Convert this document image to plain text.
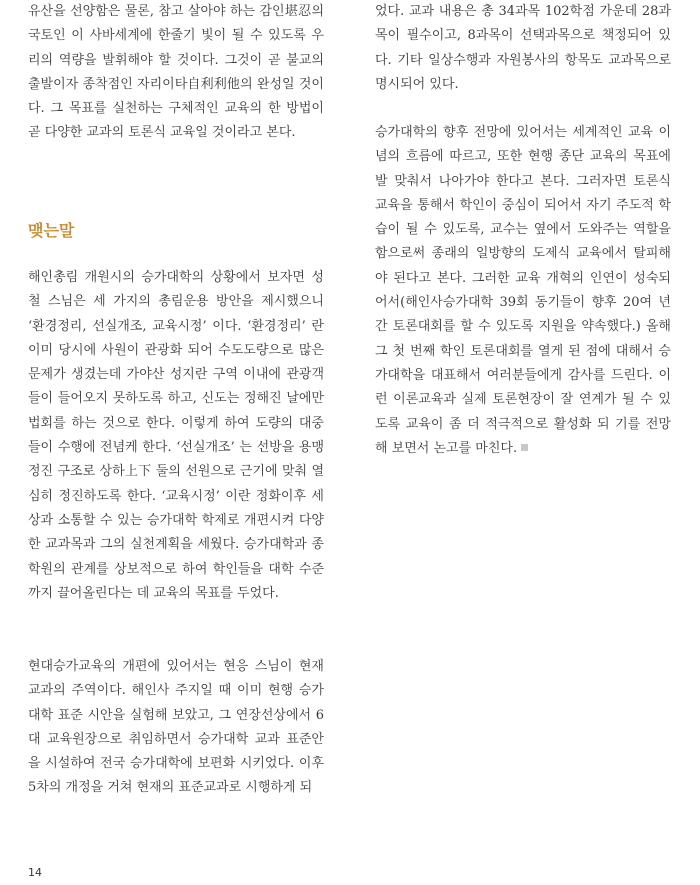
유산을 선양함은 물론, 참고 살아야 하는 감인堪忍의 국토인 이 사바세계에 한줄기 빛이 될 수 있도록 우리의 역량을 발휘해야 할 것이다. 그것이 곧 불교의 출발이자 종착점인 자리이타自利利他의 완성일 것이다. 그 목표를 실천하는 구체적인 교육의 한 방법이 곧 다양한 교과의 토론식 교육일 것이라고 본다.

맺는말

해인총림 개원시의 승가대학의 상황에서 보자면 성철 스님은 세 가지의 총림운용 방안을 제시했으니 ‘환경정리, 선실개조, 교육시정’ 이다. ‘환경정리’ 란 이미 당시에 사원이 관광화 되어 수도도량으로 많은 문제가 생겼는데 가야산 성지란 구역 이내에 관광객들이 들어오지 못하도록 하고, 신도는 정해진 날에만 법회를 하는 것으로 한다. 이렇게 하여 도량의 대중들이 수행에 전념케 한다. ‘선실개조’ 는 선방을 용맹정진 구조로 상하上下 둘의 선원으로 근기에 맞춰 열심히 정진하도록 한다. ‘교육시정’ 이란 정화이후 세상과 소통할 수 있는 승가대학 학제로 개편시켜 다양한 교과목과 그의 실천계획을 세웠다. 승가대학과 종학원의 관계를 상보적으로 하여 학인들을 대학 수준까지 끌어올린다는 데 교육의 목표를 두었다.

현대승가교육의 개편에 있어서는 현응 스님이 현재 교과의 주역이다. 해인사 주지일 때 이미 현행 승가대학 표준 시안을 실험해 보았고, 그 연장선상에서 6대 교육원장으로 취임하면서 승가대학 교과 표준안을 시설하여 전국 승가대학에 보편화 시키었다. 이후 5차의 개정을 거쳐 현재의 표준교과로 시행하게 되

었다. 교과 내용은 총 34과목 102학점 가운데 28과목이 필수이고, 8과목이 선택과목으로 책정되어 있다. 기타 일상수행과 자원봉사의 항목도 교과목으로 명시되어 있다.

승가대학의 향후 전망에 있어서는 세계적인 교육 이념의 흐름에 따르고, 또한 현행 종단 교육의 목표에 발 맞춰서 나아가야 한다고 본다. 그러자면 토론식 교육을 통해서 학인이 중심이 되어서 자기 주도적 학습이 될 수 있도록, 교수는 옆에서 도와주는 역할을 함으로써 종래의 일방향의 도제식 교육에서 탈피해야 된다고 본다. 그러한 교육 개혁의 인연이 성숙되어서(해인사승가대학 39회 동기들이 향후 20여 년간 토론대회를 할 수 있도록 지원을 약속했다.) 올해 그 첫 번째 학인 토론대회를 열게 된 점에 대해서 승가대학을 대표해서 여러분들에게 감사를 드린다. 이런 이론교육과 실제 토론현장이 잘 연계가 될 수 있도록 교육이 좀 더 적극적으로 활성화 되 기를 전망해 보면서 논고를 마친다.

14
